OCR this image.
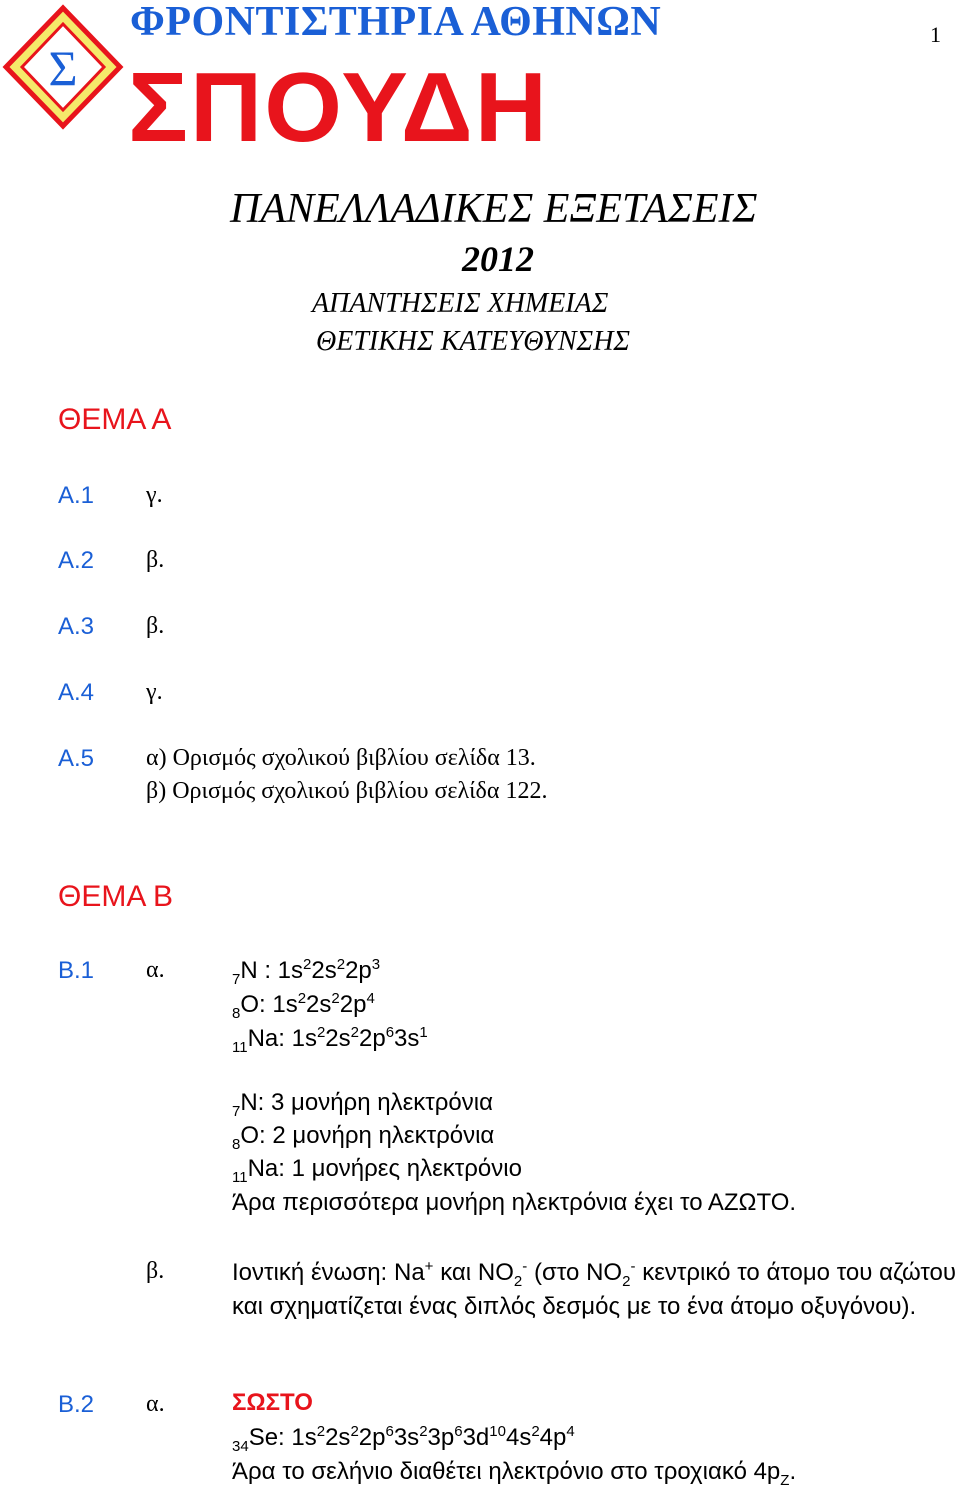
Σ
ΦΡΟΝΤΙΣΤΗΡΙΑ ΑΘΗΝΩΝ
ΣΠΟΥΔΗ
1
ΠΑΝΕΛΛΑΔΙΚΕΣ ΕΞΕΤΑΣΕΙΣ
2012
ΑΠΑΝΤΗΣΕΙΣ ΧΗΜΕΙΑΣ
ΘΕΤΙΚΗΣ ΚΑΤΕΥΘΥΝΣΗΣ
ΘΕΜΑ Α
Α.1 γ.
Α.2 β.
Α.3 β.
Α.4 γ.
Α.5 α) Ορισμός σχολικού βιβλίου σελίδα 13.
β) Ορισμός σχολικού βιβλίου σελίδα 122.
ΘΕΜΑ Β
Β.1 α.	$_7$N : $1s^22s^22p^3$
$_8$O: $1s^22s^22p^4$
$_{11}$Na: $1s^22s^22p^63s^1$
$_7$Ν: 3 μονήρη ηλεκτρόνια
$_8$Ο: 2 μονήρη ηλεκτρόνια
$_{11}$Na: 1 μονήρες ηλεκτρόνιο
Άρα περισσότερα μονήρη ηλεκτρόνια έχει το ΑΖΩΤΟ.
β.	Ιοντική ένωση: Na+ και $NO_2^-$ (στο $NO_2^-$ κεντρικό το άτομο του αζώτου και σχηματίζεται ένας διπλός δεσμός με το ένα άτομο οξυγόνου).
Β.2 α.	ΣΩΣΤΟ
$_{34}$Se: $1s^22s^22p^63s^23p^63d^{10}4s^24p^4$
Άρα το σελήνιο διαθέτει ηλεκτρόνιο στο τροχιακό $4p_Z$.
